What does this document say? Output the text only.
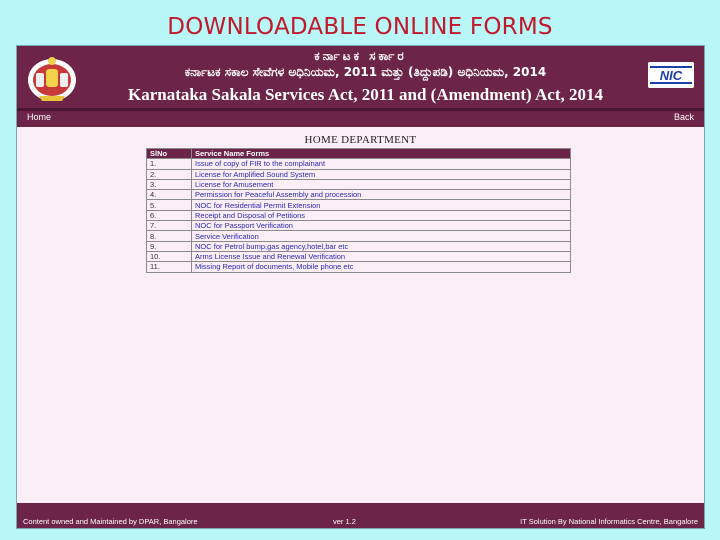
DOWNLOADABLE ONLINE FORMS
ಕರ್ನಾಟಕ ಸರ್ಕಾರ
ಕರ್ನಾಟಕ ಸಕಾಲ ಸೇವೆಗಳ ಅಧಿನಿಯಮ, 2011 ಮತ್ತು (ತಿದ್ದುಪಡಿ) ಅಧಿನಿಯಮ, 2014
Karnataka Sakala Services Act, 2011 and (Amendment) Act, 2014
NIC
Home	Back
HOME DEPARTMENT
SlNo	Service Name Forms
1.	Issue of copy of FIR to the complainant
2.	License for Amplified Sound System
3.	License for Amusement
4.	Permission for Peaceful Assembly and procession
5.	NOC for Residential Permit Extension
6.	Receipt and Disposal of Petitions
7.	NOC for Passport Verification
8.	Service Verification
9.	NOC for Petrol bump,gas agency,hotel,bar etc
10.	Arms License Issue and Renewal Verification
11.	Missing Report of documents, Mobile phone etc
Content owned and Maintained by DPAR, Bangalore	ver 1.2	IT Solution By National Informatics Centre, Bangalore
